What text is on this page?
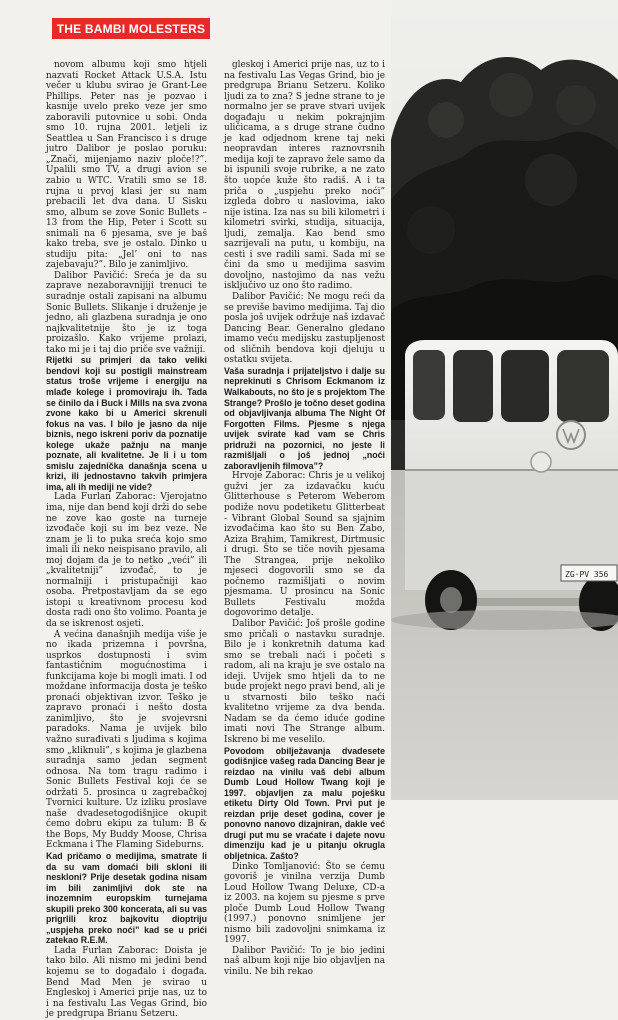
THE BAMBI MOLESTERS

novom albumu koji smo htjeli nazvati Rocket Attack U.S.A. Istu večer u klubu svirao je Grant-Lee Phillips. Peter nas je pozvao i kasnije uvelo preko veze jer smo zaboravili putovnice u sobi. Onda smo 10. rujna 2001. letjeli iz Seattlea u San Francisco i s druge jutro Dalibor je poslao poruku: „Znači, mijenjamo naziv ploče!?”. Upalili smo TV, a drugi avion se zabio u WTC. Vratili smo se 18. rujna u prvoj klasi jer su nam prebacili let dva dana. U Sisku smo, album se zove Sonic Bullets – 13 from the Hip, Peter i Scott su snimali na 6 pjesama, sve je baš kako treba, sve je ostalo. Dinko u studiju pita: „Jel’ oni to nas zajebavaju?”. Bilo je zanimljivo.

Dalibor Pavičić: Sreća je da su zaprave nezaboravnijiji trenuci te suradnje ostali zapisani na albumu Sonic Bullets. Slikanje i druženje je jedno, ali glazbena suradnja je ono najkvalitetnije što je iz toga proizašlo. Kako vrijeme prolazi, tako mi je i taj dio priče sve važniji.

Rijetki su primjeri da tako veliki bendovi koji su postigli mainstream status troše vrijeme i energiju na mlađe kolege i promoviraju ih. Tada se činilo da i Buck i Mills na sva zvona zvone kako bi u Americi skrenuli fokus na vas. I bilo je jasno da nije biznis, nego iskreni poriv da poznatije kolege ukaže pažnju na manje poznate, ali kvalitetne. Je li i u tom smislu zajednička današnja scena u krizi, ili jednostavno takvih primjera ima, ali ih mediji ne vide?

Lada Furlan Zaborac: Vjerojatno ima, nije dan bend koji drži do sebe ne zove kao goste na turneje izvođače koji su im bez veze. Ne znam je li to puka sreća kojo smo imali ili neko neispisano pravilo, ali moj dojam da je to netko „veći” ili „kvalitetniji” izvođač, to je normalniji i pristupačniji kao osoba. Pretpostavljam da se ego istopi u kreativnom procesu kod dosta radi ono što volimo. Poanta je da se iskrenost osjeti.

A većina današnjih medija više je no ikada prizemna i površna, usprkos dostupnosti i svim fantastičnim mogućnostima i funkcijama koje bi mogli imati. I od moždane informacija dosta je teško pronaći objektivan izvor. Teško je zapravo pronaći i nešto dosta zanimljivo, što je svojevrsni paradoks. Nama je uvijek bilo važno surađivati s ljudima s kojima smo „kliknuli”, s kojima je glazbena suradnja samo jedan segment odnosa. Na tom tragu radimo i Sonic Bullets Festival koji će se održati 5. prosinca u zagrebačkoj Tvornici kulture. Uz izliku proslave naše dvadesetogodišnjice okupit ćemo dobru ekipu za tulum: B & the Bops, My Buddy Moose, Chrisa Eckmana i The Flaming Sideburns.

Kad pričamo o medijima, smatrate li da su vam domaći bili skloni ili neskloni? Prije desetak godina nisam im bili zanimljivi dok ste na inozemnim europskim turnejama skupili preko 300 koncerata, ali su vas prigrlili kroz bajkovitu dioptriju „uspjeha preko noći” kad se u prići zatekao R.E.M.

Lada Furlan Zaborac: Doista je tako bilo. Ali nismo mi jedini bend kojemu se to događalo i događa. Bend Mad Men je svirao u Engleskoj i Americi prije nas, uz to i na festivalu Las Vegas Grind, bio je predgrupa Brianu Setzeru.

gleskoj i Americi prije nas, uz to i na festivalu Las Vegas Grind, bio je predgrupa Brianu Setzeru. Koliko ljudi za to zna? S jedne strane to je normalno jer se prave stvari uvijek događaju u nekim pokrajnjim uličicama, a s druge strane čudno je kad odjednom krene taj neki neopravdan interes raznovrsnih medija koji te zapravo žele samo da bi ispunili svoje rubrike, a ne zato što uopće kuže što radiš. A i ta priča o „uspjehu preko noći” izgleda dobro u naslovima, iako nije istina. Iza nas su bili kilometri i kilometri svirki, studija, situacija, ljudi, zemalja. Kao bend smo sazrijevali na putu, u kombiju, na cesti i sve radili sami. Sada mi se čini da smo u medijima sasvim dovoljno, nastojimo da nas vežu isključivo uz ono što radimo.

Dalibor Pavičić: Ne mogu reći da se previše bavimo medijima. Taj dio posla još uvijek održuje naš izdavač Dancing Bear. Generalno gledano imamo veću medijsku zastupljenost od sličnih bendova koji djeluju u ostatku svijeta.

Vaša suradnja i prijateljstvo i dalje su neprekinuti s Chrisom Eckmanom iz Walkabouts, no što je s projektom The Strange? Prošlo je točno deset godina od objavljivanja albuma The Night Of Forgotten Films. Pjesme s njega uvijek svirate kad vam se Chris pridruži na pozornici, no jeste li razmišljali o još jednoj „noći zaboravljenih filmova”?

Hrvoje Zaborac: Chris je u velikoj gužvi jer za izdavačku kuću Glitterhouse s Peterom Weberom podiže novu podetiketu Glitterbeat - Vibrant Global Sound sa sjajnim izvođačima kao što su Ben Zabo, Aziza Brahim, Tamikrest, Dirtmusic i drugi. Što se tiče novih pjesama The Strangea, prije nekoliko mjeseci dogovorili smo se da počnemo razmišljati o novim pjesmama. U prosincu na Sonic Bullets Festivalu možda dogovorimo detalje.

Dalibor Pavičić: Još prošle godine smo pričali o nastavku suradnje. Bilo je i konkretnih datuma kad smo se trebali naći i početi s radom, ali na kraju je sve ostalo na ideji. Uvijek smo htjeli da to ne bude projekt nego pravi bend, ali je u stvarnosti bilo teško naći kvalitetno vrijeme za dva benda. Nadam se da ćemo iduće godine imati novi The Strange album. Iskreno bi me veselilo.

Povodom obilježavanja dvadesete godišnjice vašeg rada Dancing Bear je reizdao na vinilu vaš debi album Dumb Loud Hollow Twang koji je 1997. objavljen za malu poješku etiketu Dirty Old Town. Prvi put je reizdan prije deset godina, cover je ponovno nanovo dizajniran, dakle već drugi put mu se vraćate i dajete novu dimenziju kad je u pitanju okrugla obljetnica. Zašto?

Dinko Tomljanović: Što se ćemu govoriš je vinilna verzija Dumb Loud Hollow Twang Deluxe, CD-a iz 2003. na kojem su pjesme s prve ploče Dumb Loud Hollow Twang (1997.) ponovno snimljene jer nismo bili zadovoljni snimkama iz 1997.

Dalibor Pavičić: To je bio jedini naš album koji nije bio objavljen na vinilu. Ne bih rekao

ZG·PV 356
